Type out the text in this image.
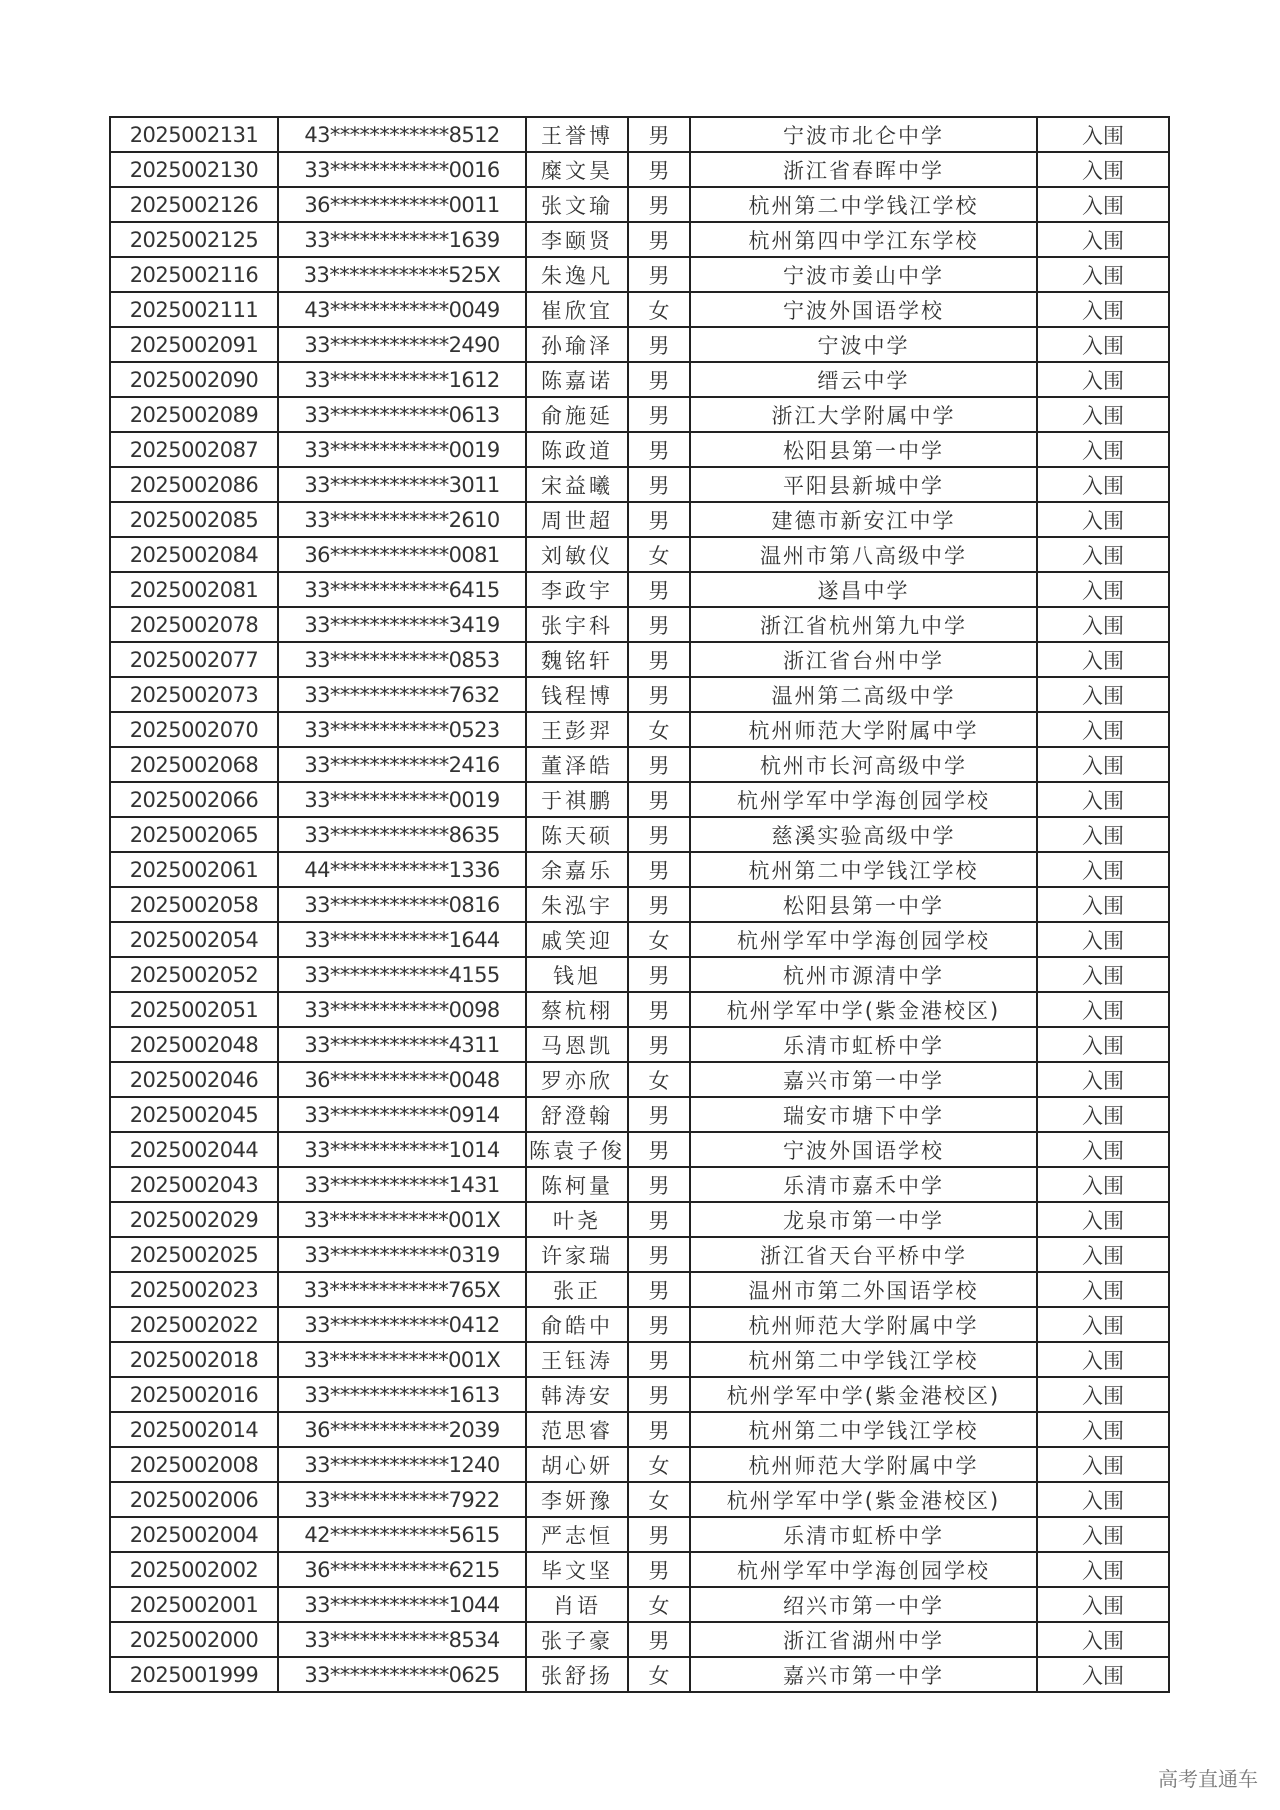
2025002131	43************8512	王誉博	男	宁波市北仑中学	入围
2025002130	33************0016	糜文昊	男	浙江省春晖中学	入围
2025002126	36************0011	张文瑜	男	杭州第二中学钱江学校	入围
2025002125	33************1639	李颐贤	男	杭州第四中学江东学校	入围
2025002116	33************525X	朱逸凡	男	宁波市姜山中学	入围
2025002111	43************0049	崔欣宜	女	宁波外国语学校	入围
2025002091	33************2490	孙瑜泽	男	宁波中学	入围
2025002090	33************1612	陈嘉诺	男	缙云中学	入围
2025002089	33************0613	俞施延	男	浙江大学附属中学	入围
2025002087	33************0019	陈政道	男	松阳县第一中学	入围
2025002086	33************3011	宋益曦	男	平阳县新城中学	入围
2025002085	33************2610	周世超	男	建德市新安江中学	入围
2025002084	36************0081	刘敏仪	女	温州市第八高级中学	入围
2025002081	33************6415	李政宇	男	遂昌中学	入围
2025002078	33************3419	张宇科	男	浙江省杭州第九中学	入围
2025002077	33************0853	魏铭轩	男	浙江省台州中学	入围
2025002073	33************7632	钱程博	男	温州第二高级中学	入围
2025002070	33************0523	王彭羿	女	杭州师范大学附属中学	入围
2025002068	33************2416	董泽皓	男	杭州市长河高级中学	入围
2025002066	33************0019	于祺鹏	男	杭州学军中学海创园学校	入围
2025002065	33************8635	陈天硕	男	慈溪实验高级中学	入围
2025002061	44************1336	余嘉乐	男	杭州第二中学钱江学校	入围
2025002058	33************0816	朱泓宇	男	松阳县第一中学	入围
2025002054	33************1644	戚笑迎	女	杭州学军中学海创园学校	入围
2025002052	33************4155	钱旭	男	杭州市源清中学	入围
2025002051	33************0098	蔡杭栩	男	杭州学军中学(紫金港校区)	入围
2025002048	33************4311	马恩凯	男	乐清市虹桥中学	入围
2025002046	36************0048	罗亦欣	女	嘉兴市第一中学	入围
2025002045	33************0914	舒澄翰	男	瑞安市塘下中学	入围
2025002044	33************1014	陈袁子俊	男	宁波外国语学校	入围
2025002043	33************1431	陈柯量	男	乐清市嘉禾中学	入围
2025002029	33************001X	叶尧	男	龙泉市第一中学	入围
2025002025	33************0319	许家瑞	男	浙江省天台平桥中学	入围
2025002023	33************765X	张正	男	温州市第二外国语学校	入围
2025002022	33************0412	俞皓中	男	杭州师范大学附属中学	入围
2025002018	33************001X	王钰涛	男	杭州第二中学钱江学校	入围
2025002016	33************1613	韩涛安	男	杭州学军中学(紫金港校区)	入围
2025002014	36************2039	范思睿	男	杭州第二中学钱江学校	入围
2025002008	33************1240	胡心妍	女	杭州师范大学附属中学	入围
2025002006	33************7922	李妍豫	女	杭州学军中学(紫金港校区)	入围
2025002004	42************5615	严志恒	男	乐清市虹桥中学	入围
2025002002	36************6215	毕文坚	男	杭州学军中学海创园学校	入围
2025002001	33************1044	肖语	女	绍兴市第一中学	入围
2025002000	33************8534	张子豪	男	浙江省湖州中学	入围
2025001999	33************0625	张舒扬	女	嘉兴市第一中学	入围
高考直通车
